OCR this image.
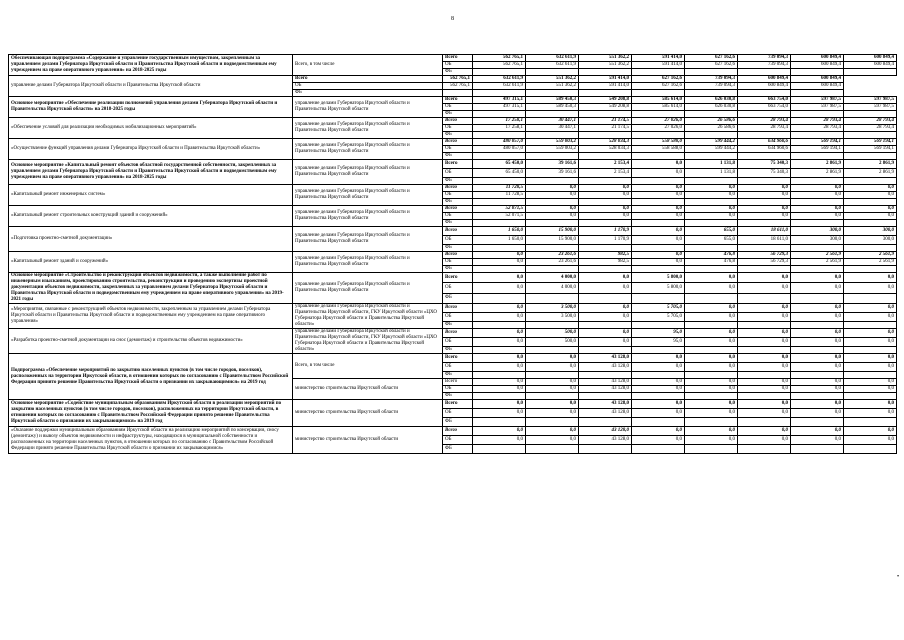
8
Обеспечивающая подпрограмма «Содержание и управление государственным имуществом, закрепленным за управлением делами Губернатора Иркутской области и Правительства Иркутской области и подведомственным ему учреждением на праве оперативного управления» на 2018-2025 годы	Всего, в том числе	Всего	562 765,1	632 611,9	551 362,2	591 414,0	627 162,6	739 094,3	600 849,4	600 849,4
		ОБ	562 765,1	632 611,9	551 362,2	591 414,0	627 162,6	739 094,3	600 849,4	600 849,4
		ФБ								
управление делами Губернатора Иркутской области и Правительства Иркутской области	Всего	562 765,1	632 611,9	551 362,2	591 414,0	627 162,6	739 094,3	600 849,4	600 849,4	
	ОБ	562 765,1	632 611,9	551 362,2	591 414,0	627 162,6	739 094,3	600 849,4	600 849,4	
	ФБ									
Основное мероприятие «Обеспечение реализации полномочий управления делами Губернатора Иркутской области и Правительства Иркутской области» на 2018-2025 годы	управление делами Губернатора Иркутской области и Правительства Иркутской области	Всего	497 315,1	589 450,3	549 208,8	585 614,0	626 030,8	663 754,0	597 987,5	597 987,5
		ОБ	497 315,1	589 450,3	549 208,8	585 614,0	626 030,8	663 754,0	597 987,5	597 987,5
		ФБ								
«Обеспечение условий для реализации необходимых мобилизационных мероприятий»	управление делами Губернатора Иркутской области и Правительства Иркутской области	Всего	17 258,1	30 447,1	21 174,5	27 026,0	26 586,6	28 793,4	28 793,4	28 793,4
		ОБ	17 258,1	30 447,1	21 174,5	27 026,0	26 586,6	28 793,4	28 793,4	28 793,4
		ФБ								
«Осуществление функций управления делами Губернатора Иркутской области и Правительства Иркутской области»	управление делами Губернатора Иркутской области и Правительства Иркутской области	Всего	480 057,0	559 003,2	528 034,3	558 588,0	599 444,2	634 960,6	569 194,1	569 194,1
		ОБ	480 057,0	559 003,2	528 034,3	558 588,0	599 444,2	634 960,6	569 194,1	569 194,1
		ФБ								
Основное мероприятие «Капитальный ремонт объектов областной государственной собственности, закрепленных за управлением делами Губернатора Иркутской области и Правительства Иркутской области и подведомственным ему учреждением на праве оперативного управления» на 2018-2025 годы	управление делами Губернатора Иркутской области и Правительства Иркутской области	Всего	65 450,0	39 161,6	2 153,4	0,0	1 131,8	75 340,3	2 861,9	2 861,9
		ОБ	65 450,0	39 161,6	2 153,4	0,0	1 131,8	75 340,3	2 861,9	2 861,9
		ФБ								
«Капитальный ремонт инженерных систем»	управление делами Губернатора Иркутской области и Правительства Иркутской области	Всего	11 728,5	0,0	0,0	0,0	0,0	0,0	0,0	0,0
		ОБ	11 728,5	0,0	0,0	0,0	0,0	0,0	0,0	0,0
		ФБ								
«Капитальный ремонт строительных конструкций зданий и сооружений»	управление делами Губернатора Иркутской области и Правительства Иркутской области	Всего	52 071,5	0,0	0,0	0,0	0,0	0,0	0,0	0,0
		ОБ	52 071,5	0,0	0,0	0,0	0,0	0,0	0,0	0,0
		ФБ								
«Подготовка проектно-сметной документации»	управление делами Губернатора Иркутской области и Правительства Иркутской области	Всего	1 650,0	15 900,0	1 170,9	0,0	655,0	18 611,0	300,0	300,0
		ОБ	1 650,0	15 900,0	1 170,9	0,0	655,0	18 611,0	300,0	300,0
		ФБ								
«Капитальный ремонт зданий и сооружений»	управление делами Губернатора Иркутской области и Правительства Иркутской области	Всего	0,0	23 261,6	982,5	0,0	476,8	56 729,3	2 561,9	2 561,9
		ОБ	0,0	23 261,6	982,5	0,0	476,8	56 729,3	2 561,9	2 561,9
		ФБ								
Основное мероприятие «Строительство и реконструкция объектов недвижимости, а также выполнение работ по инженерным изысканиям, проектированию строительства, реконструкции и проведению экспертизы проектной документации объектов недвижимости, закрепленных за управлением делами Губернатора Иркутской области и Правительства Иркутской области и подведомственным ему учреждением на праве оперативного управления» на 2019-2021 годы	управление делами Губернатора Иркутской области и Правительства Иркутской области	Всего	0,0	4 000,0	0,0	5 800,0	0,0	0,0	0,0	0,0
		ОБ	0,0	4 000,0	0,0	5 800,0	0,0	0,0	0,0	0,0
		ФБ								
«Мероприятия, связанные с реконструкцией объектов недвижимости, закрепленным за управлением делами Губернатора Иркутской области и Правительства Иркутской области и подведомственным ему учреждением на праве оперативного управления»	управление делами Губернатора Иркутской области и Правительства Иркутской области, ГКУ Иркутской области «ЦХО Губернатора Иркутской области и Правительства Иркутской области»	Всего	0,0	3 500,0	0,0	5 705,0	0,0	0,0	0,0	0,0
		ОБ	0,0	3 500,0	0,0	5 705,0	0,0	0,0	0,0	0,0
		ФБ								
«Разработка проектно-сметной документации на снос (демонтаж) и строительство объектов недвижимости»	управление делами Губернатора Иркутской области и Правительства Иркутской области, ГКУ Иркутской области «ЦХО Губернатора Иркутской области и Правительства Иркутской области»	Всего	0,0	500,0	0,0	95,0	0,0	0,0	0,0	0,0
		ОБ	0,0	500,0	0,0	95,0	0,0	0,0	0,0	0,0
		ФБ								
Подпрограмма «Обеспечение мероприятий по закрытию населенных пунктов (в том числе городов, поселков), расположенных на территории Иркутской области, в отношении которых по согласованию с Правительством Российской Федерации принято решение Правительства Иркутской области о признании их закрывающимися» на 2019 год	Всего, в том числе	Всего	0,0	0,0	43 128,0	0,0	0,0	0,0	0,0	0,0
		ОБ	0,0	0,0	43 128,0	0,0	0,0	0,0	0,0	0,0
		ФБ								
	министерство строительства Иркутской области	Всего	0,0	0,0	43 128,0	0,0	0,0	0,0	0,0	0,0
		ОБ	0,0	0,0	43 128,0	0,0	0,0	0,0	0,0	0,0
		ФБ								
Основное мероприятие «Содействие муниципальным образованиям Иркутской области в реализации мероприятий по закрытию населенных пунктов (в том числе городов, поселков), расположенных на территории Иркутской области, в отношении которых по согласованию с Правительством Российской Федерации принято решение Правительства Иркутской области о признании их закрывающимися» на 2019 год	министерство строительства Иркутской области	Всего	0,0	0,0	43 128,0	0,0	0,0	0,0	0,0	0,0
		ОБ	0,0	0,0	43 128,0	0,0	0,0	0,0	0,0	0,0
		ФБ								
«Оказание поддержки муниципальным образованиям Иркутской области на реализацию мероприятий по консервации, сносу (демонтажу) и вывозу объектов недвижимости и инфраструктуры, находящихся в муниципальной собственности и расположенных на территории населенных пунктов, в отношении которых по согласованию с Правительством Российской Федерации принято решение Правительства Иркутской области о признании их закрывающимися»	министерство строительства Иркутской области	Всего	0,0	0,0	43 128,0	0,0	0,0	0,0	0,0	0,0
		ОБ	0,0	0,0	43 128,0	0,0	0,0	0,0	0,0	0,0
		ФБ								
•
